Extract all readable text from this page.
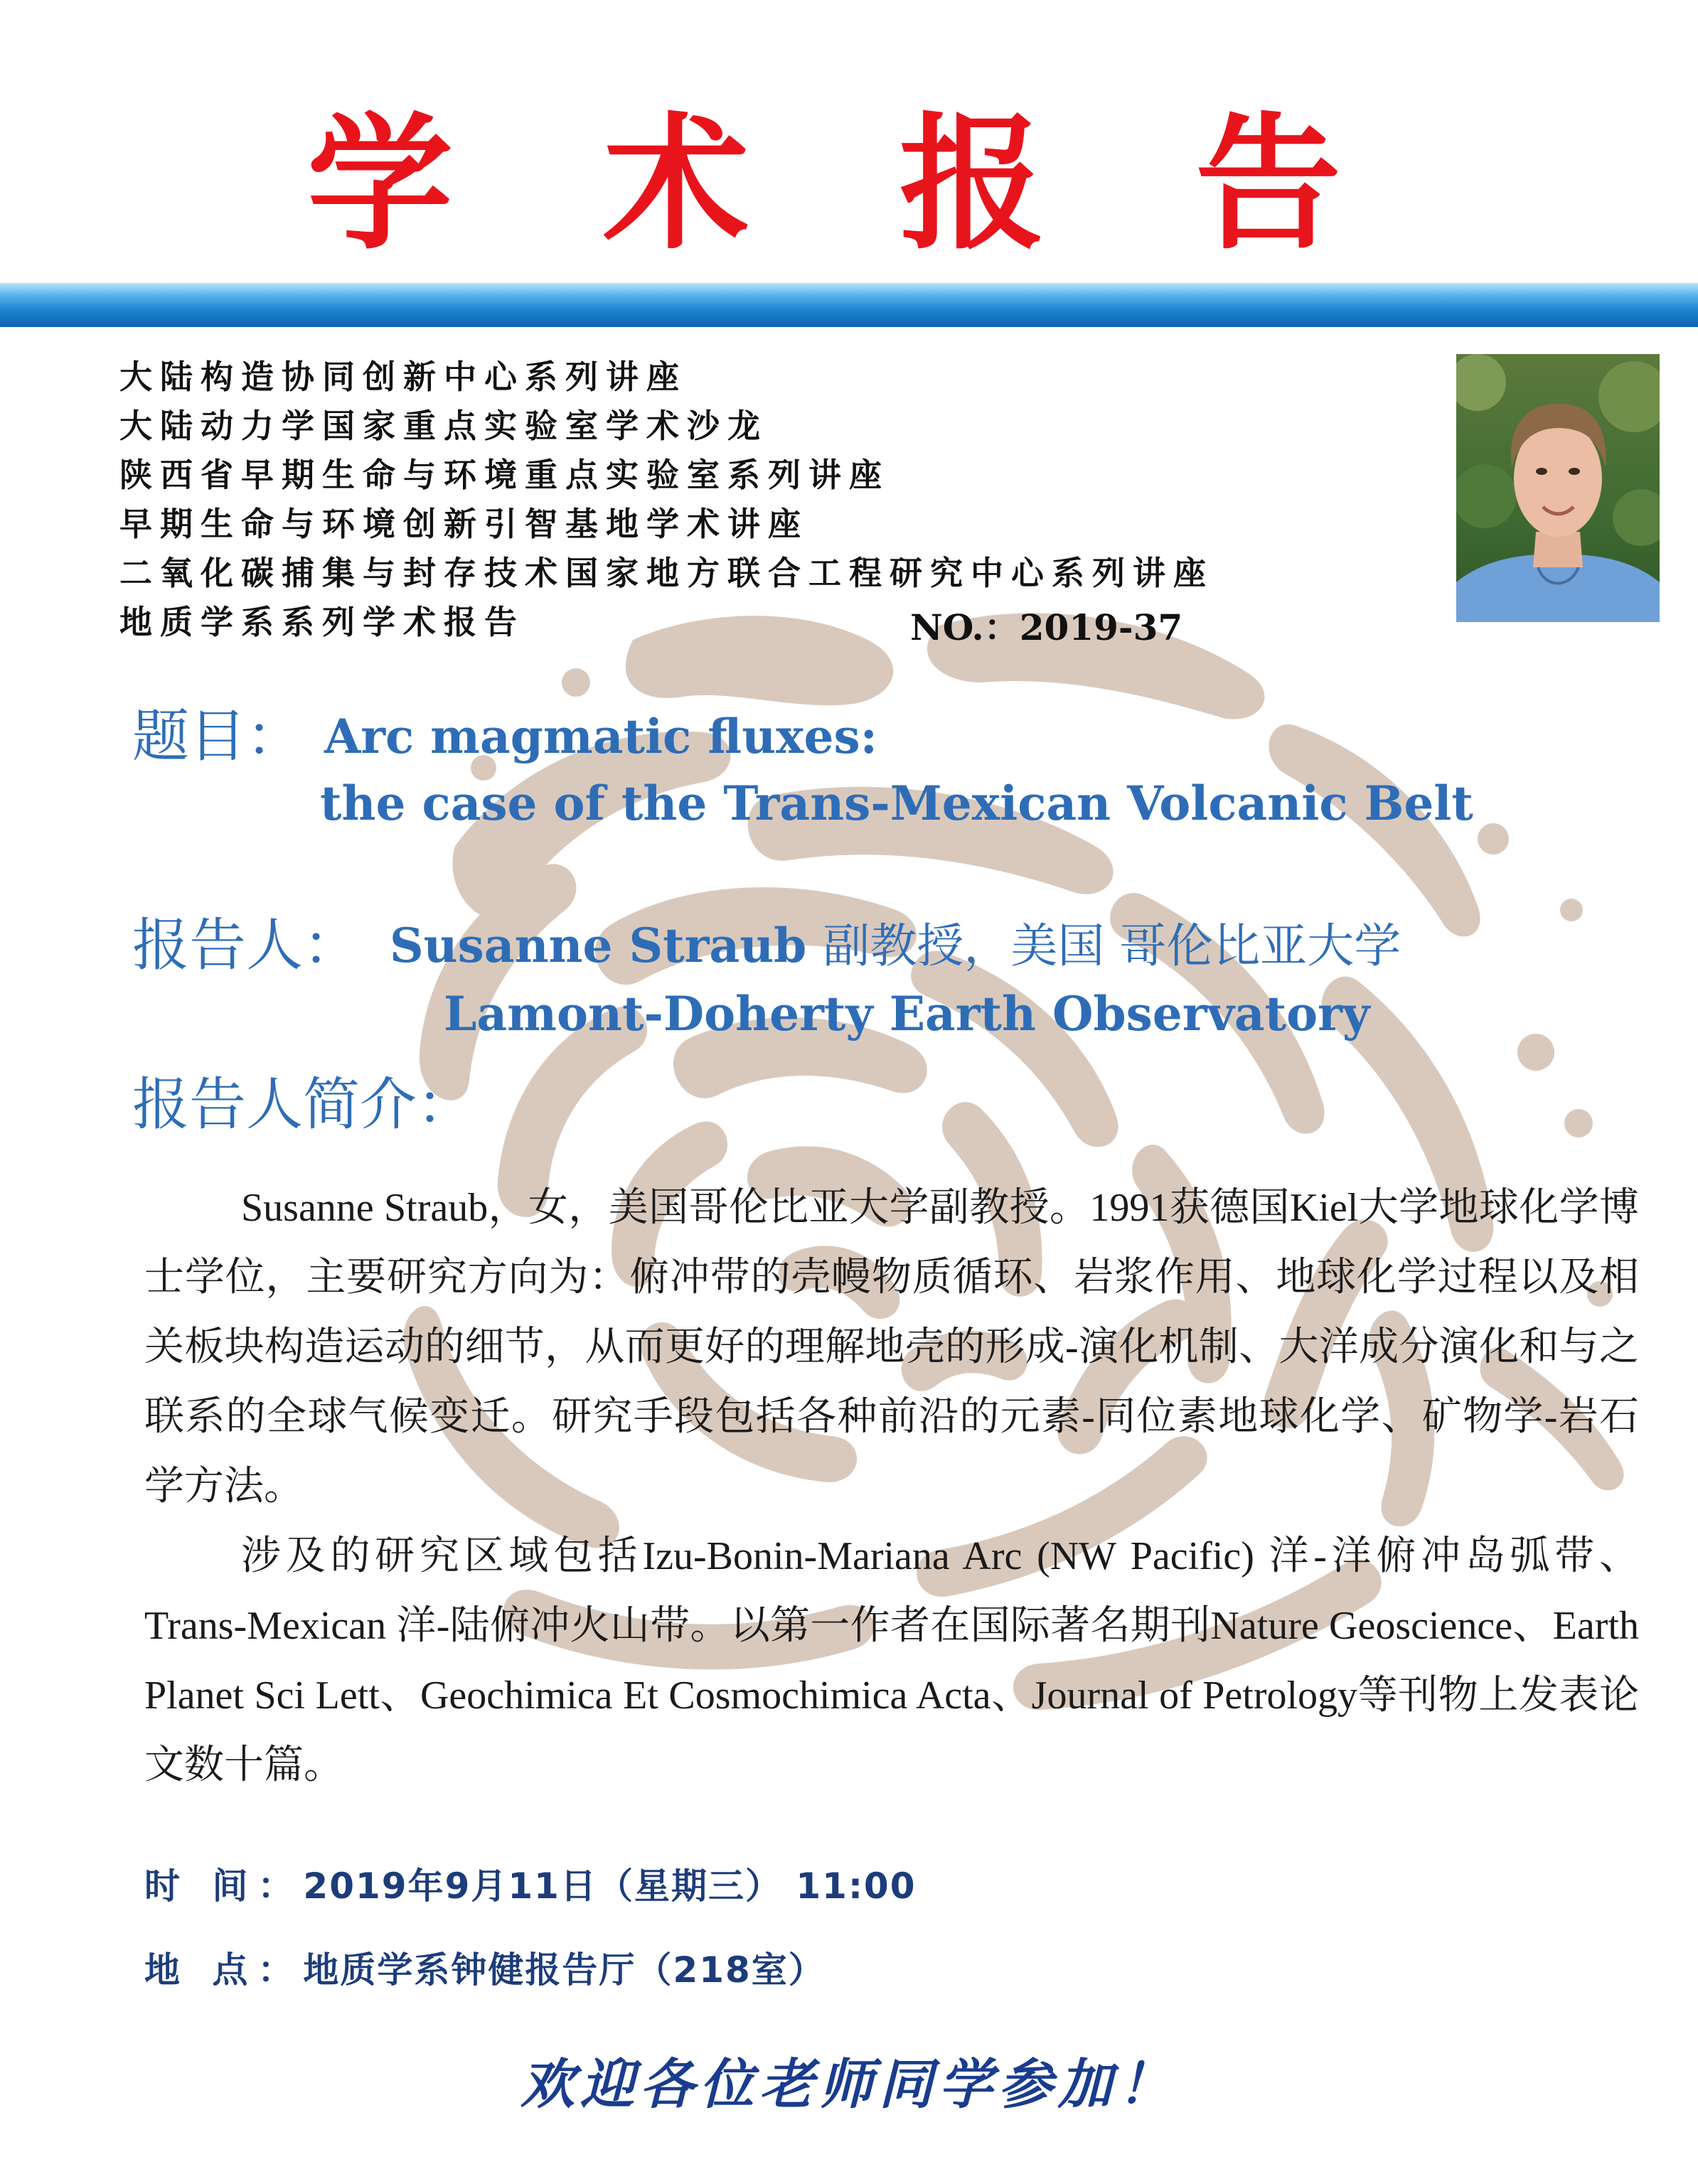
学 术 报 告
大陆构造协同创新中心系列讲座
大陆动力学国家重点实验室学术沙龙
陕西省早期生命与环境重点实验室系列讲座
早期生命与环境创新引智基地学术讲座
二氧化碳捕集与封存技术国家地方联合工程研究中心系列讲座
地质学系系列学术报告	NO.：2019-37
题目： Arc magmatic fluxes:
the case of the Trans-Mexican Volcanic Belt
报告人： Susanne Straub 副教授，美国 哥伦比亚大学
Lamont-Doherty Earth Observatory
报告人简介：

Susanne Straub，女，美国哥伦比亚大学副教授。1991获德国Kiel大学地球化学博士学位，主要研究方向为：俯冲带的壳幔物质循环、岩浆作用、地球化学过程以及相关板块构造运动的细节，从而更好的理解地壳的形成-演化机制、大洋成分演化和与之联系的全球气候变迁。研究手段包括各种前沿的元素-同位素地球化学、矿物学-岩石学方法。

涉及的研究区域包括Izu-Bonin-Mariana Arc (NW Pacific) 洋-洋俯冲岛弧带、Trans-Mexican 洋-陆俯冲火山带。以第一作者在国际著名期刊Nature Geoscience、Earth Planet Sci Lett、Geochimica Et Cosmochimica Acta、Journal of Petrology等刊物上发表论文数十篇。

时 间：2019年9月11日（星期三） 11:00
地 点：地质学系钟健报告厅（218室）
欢迎各位老师同学参加！
